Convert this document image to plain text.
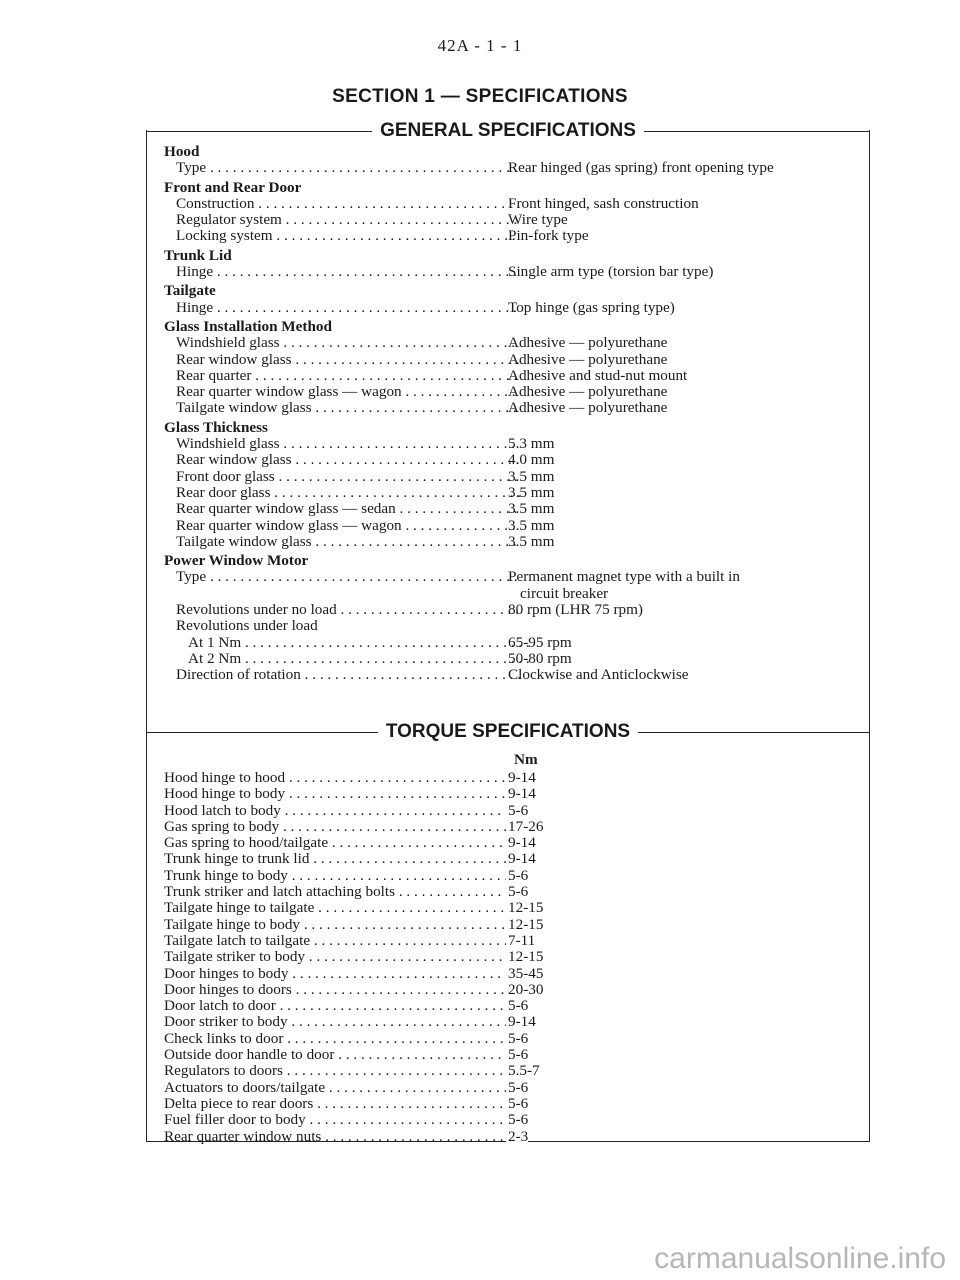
42A - 1 - 1
SECTION 1 — SPECIFICATIONS
GENERAL SPECIFICATIONS
Hood
Type . . .	Rear hinged (gas spring) front opening type
Front and Rear Door
Construction . . .	Front hinged, sash construction
Regulator system . . .	Wire type
Locking system . . .	Pin-fork type
Trunk Lid
Hinge . . .	Single arm type (torsion bar type)
Tailgate
Hinge . . .	Top hinge (gas spring type)
Glass Installation Method
Windshield glass . . .	Adhesive — polyurethane
Rear window glass . . .	Adhesive — polyurethane
Rear quarter . . .	Adhesive and stud-nut mount
Rear quarter window glass — wagon . . .	Adhesive — polyurethane
Tailgate window glass . . .	Adhesive — polyurethane
Glass Thickness
Windshield glass . . .	5.3 mm
Rear window glass . . .	4.0 mm
Front door glass . . .	3.5 mm
Rear door glass . . .	3.5 mm
Rear quarter window glass — sedan . . .	3.5 mm
Rear quarter window glass — wagon . . .	3.5 mm
Tailgate window glass . . .	3.5 mm
Power Window Motor
Type . . .	Permanent magnet type with a built in
circuit breaker
Revolutions under no load . . .	80 rpm (LHR 75 rpm)
Revolutions under load
At 1 Nm . . .	65-95 rpm
At 2 Nm . . .	50-80 rpm
Direction of rotation . . .	Clockwise and Anticlockwise
TORQUE SPECIFICATIONS
Nm
Hood hinge to hood . . .	9-14
Hood hinge to body . . .	9-14
Hood latch to body . . .	5-6
Gas spring to body . . .	17-26
Gas spring to hood/tailgate . . .	9-14
Trunk hinge to trunk lid . . .	9-14
Trunk hinge to body . . .	5-6
Trunk striker and latch attaching bolts . . .	5-6
Tailgate hinge to tailgate . . .	12-15
Tailgate hinge to body . . .	12-15
Tailgate latch to tailgate . . .	7-11
Tailgate striker to body . . .	12-15
Door hinges to body . . .	35-45
Door hinges to doors . . .	20-30
Door latch to door . . .	5-6
Door striker to body . . .	9-14
Check links to door . . .	5-6
Outside door handle to door . . .	5-6
Regulators to doors . . .	5.5-7
Actuators to doors/tailgate . . .	5-6
Delta piece to rear doors . . .	5-6
Fuel filler door to body . . .	5-6
Rear quarter window nuts . . .	2-3
carmanualsonline.info
